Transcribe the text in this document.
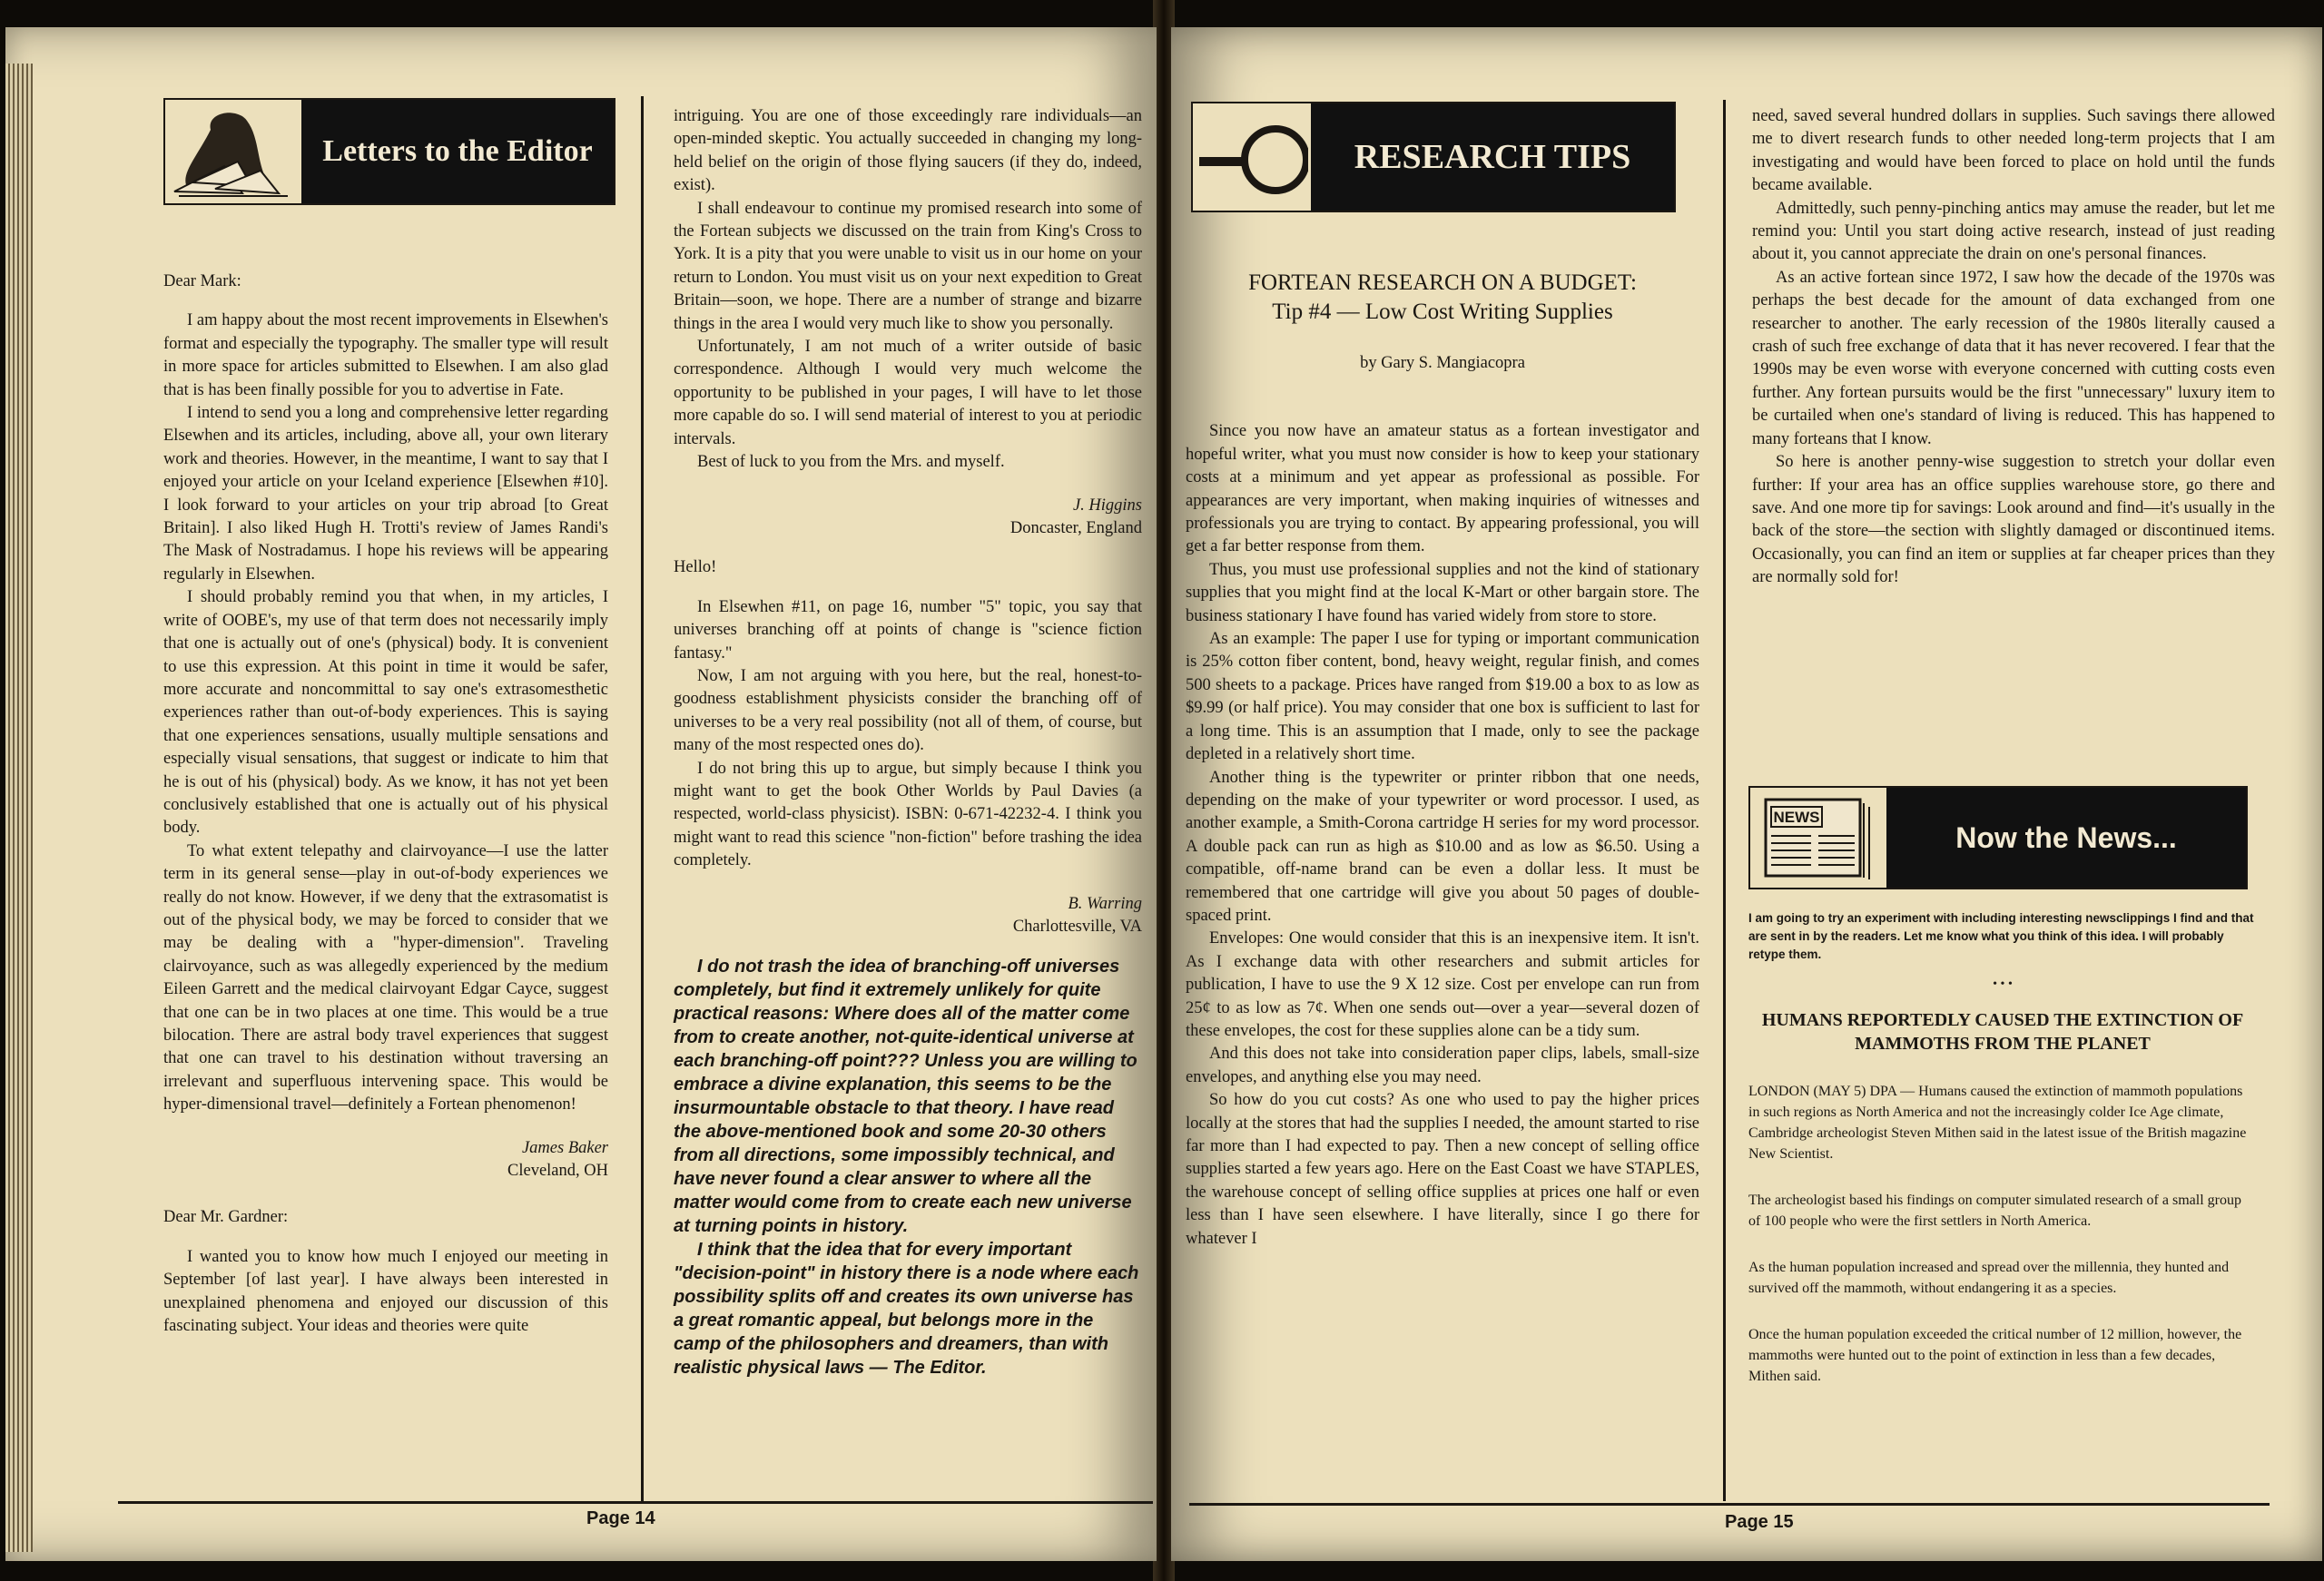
Letters to the Editor

Dear Mark:

I am happy about the most recent improvements in Elsewhen's format and especially the typography. The smaller type will result in more space for articles submitted to Elsewhen. I am also glad that is has been finally possible for you to advertise in Fate.

I intend to send you a long and comprehensive letter regarding Elsewhen and its articles, including, above all, your own literary work and theories. However, in the meantime, I want to say that I enjoyed your article on your Iceland experience [Elsewhen #10]. I look forward to your articles on your trip abroad [to Great Britain]. I also liked Hugh H. Trotti's review of James Randi's The Mask of Nostradamus. I hope his reviews will be appearing regularly in Elsewhen.

I should probably remind you that when, in my articles, I write of OOBE's, my use of that term does not necessarily imply that one is actually out of one's (physical) body. It is convenient to use this expression. At this point in time it would be safer, more accurate and noncommittal to say one's extrasomesthetic experiences rather than out-of-body experiences. This is saying that one experiences sensations, usually multiple sensations and especially visual sensations, that suggest or indicate to him that he is out of his (physical) body. As we know, it has not yet been conclusively established that one is actually out of his physical body.

To what extent telepathy and clairvoyance—I use the latter term in its general sense—play in out-of-body experiences we really do not know. However, if we deny that the extrasomatist is out of the physical body, we may be forced to consider that we may be dealing with a "hyper-dimension". Traveling clairvoyance, such as was allegedly experienced by the medium Eileen Garrett and the medical clairvoyant Edgar Cayce, suggest that one can be in two places at one time. This would be a true bilocation. There are astral body travel experiences that suggest that one can travel to his destination without traversing an irrelevant and superfluous intervening space. This would be hyper-dimensional travel—definitely a Fortean phenomenon!

James Baker
Cleveland, OH

Dear Mr. Gardner:

I wanted you to know how much I enjoyed our meeting in September [of last year]. I have always been interested in unexplained phenomena and enjoyed our discussion of this fascinating subject. Your ideas and theories were quite

intriguing. You are one of those exceedingly rare individuals—an open-minded skeptic. You actually succeeded in changing my long-held belief on the origin of those flying saucers (if they do, indeed, exist).

I shall endeavour to continue my promised research into some of the Fortean subjects we discussed on the train from King's Cross to York. It is a pity that you were unable to visit us in our home on your return to London. You must visit us on your next expedition to Great Britain—soon, we hope. There are a number of strange and bizarre things in the area I would very much like to show you personally.

Unfortunately, I am not much of a writer outside of basic correspondence. Although I would very much welcome the opportunity to be published in your pages, I will have to let those more capable do so. I will send material of interest to you at periodic intervals.

Best of luck to you from the Mrs. and myself.

J. Higgins
Doncaster, England

Hello!

In Elsewhen #11, on page 16, number "5" topic, you say that universes branching off at points of change is "science fiction fantasy."

Now, I am not arguing with you here, but the real, honest-to-goodness establishment physicists consider the branching off of universes to be a very real possibility (not all of them, of course, but many of the most respected ones do).

I do not bring this up to argue, but simply because I think you might want to get the book Other Worlds by Paul Davies (a respected, world-class physicist). ISBN: 0-671-42232-4. I think you might want to read this science "non-fiction" before trashing the idea completely.

B. Warring
Charlottesville, VA

I do not trash the idea of branching-off universes completely, but find it extremely unlikely for quite practical reasons: Where does all of the matter come from to create another, not-quite-identical universe at each branching-off point??? Unless you are willing to embrace a divine explanation, this seems to be the insurmountable obstacle to that theory. I have read the above-mentioned book and some 20-30 others from all directions, some impossibly technical, and have never found a clear answer to where all the matter would come from to create each new universe at turning points in history.

I think that the idea that for every important "decision-point" in history there is a node where each possibility splits off and creates its own universe has a great romantic appeal, but belongs more in the camp of the philosophers and dreamers, than with realistic physical laws — The Editor.

Page 14
RESEARCH TIPS

FORTEAN RESEARCH ON A BUDGET:

Tip #4 — Low Cost Writing Supplies

by Gary S. Mangiacopra

Since you now have an amateur status as a fortean investigator and hopeful writer, what you must now consider is how to keep your stationary costs at a minimum and yet appear as professional as possible. For appearances are very important, when making inquiries of witnesses and professionals you are trying to contact. By appearing professional, you will get a far better response from them.

Thus, you must use professional supplies and not the kind of stationary supplies that you might find at the local K-Mart or other bargain store. The business stationary I have found has varied widely from store to store.

As an example: The paper I use for typing or important communication is 25% cotton fiber content, bond, heavy weight, regular finish, and comes 500 sheets to a package. Prices have ranged from $19.00 a box to as low as $9.99 (or half price). You may consider that one box is sufficient to last for a long time. This is an assumption that I made, only to see the package depleted in a relatively short time.

Another thing is the typewriter or printer ribbon that one needs, depending on the make of your typewriter or word processor. I used, as another example, a Smith-Corona cartridge H series for my word processor. A double pack can run as high as $10.00 and as low as $6.50. Using a compatible, off-name brand can be even a dollar less. It must be remembered that one cartridge will give you about 50 pages of double-spaced print.

Envelopes: One would consider that this is an inexpensive item. It isn't. As I exchange data with other researchers and submit articles for publication, I have to use the 9 X 12 size. Cost per envelope can run from 25¢ to as low as 7¢. When one sends out—over a year—several dozen of these envelopes, the cost for these supplies alone can be a tidy sum.

And this does not take into consideration paper clips, labels, small-size envelopes, and anything else you may need.

So how do you cut costs? As one who used to pay the higher prices locally at the stores that had the supplies I needed, the amount started to rise far more than I had expected to pay. Then a new concept of selling office supplies started a few years ago. Here on the East Coast we have STAPLES, the warehouse concept of selling office supplies at prices one half or even less than I have seen elsewhere. I have literally, since I go there for whatever I

need, saved several hundred dollars in supplies. Such savings there allowed me to divert research funds to other needed long-term projects that I am investigating and would have been forced to place on hold until the funds became available.

Admittedly, such penny-pinching antics may amuse the reader, but let me remind you: Until you start doing active research, instead of just reading about it, you cannot appreciate the drain on one's personal finances.

As an active fortean since 1972, I saw how the decade of the 1970s was perhaps the best decade for the amount of data exchanged from one researcher to another. The early recession of the 1980s literally caused a crash of such free exchange of data that it has never recovered. I fear that the 1990s may be even worse with everyone concerned with cutting costs even further. Any fortean pursuits would be the first "unnecessary" luxury item to be curtailed when one's standard of living is reduced. This has happened to many forteans that I know.

So here is another penny-wise suggestion to stretch your dollar even further: If your area has an office supplies warehouse store, go there and save. And one more tip for savings: Look around and find—it's usually in the back of the store—the section with slightly damaged or discontinued items. Occasionally, you can find an item or supplies at far cheaper prices than they are normally sold for!

NEWS
Now the News...

I am going to try an experiment with including interesting newsclippings I find and that are sent in by the readers. Let me know what you think of this idea. I will probably retype them.

• • •

HUMANS REPORTEDLY CAUSED THE EXTINCTION OF MAMMOTHS FROM THE PLANET

LONDON (MAY 5) DPA — Humans caused the extinction of mammoth populations in such regions as North America and not the increasingly colder Ice Age climate, Cambridge archeologist Steven Mithen said in the latest issue of the British magazine New Scientist.

The archeologist based his findings on computer simulated research of a small group of 100 people who were the first settlers in North America.

As the human population increased and spread over the millennia, they hunted and survived off the mammoth, without endangering it as a species.

Once the human population exceeded the critical number of 12 million, however, the mammoths were hunted out to the point of extinction in less than a few decades, Mithen said.

Page 15
